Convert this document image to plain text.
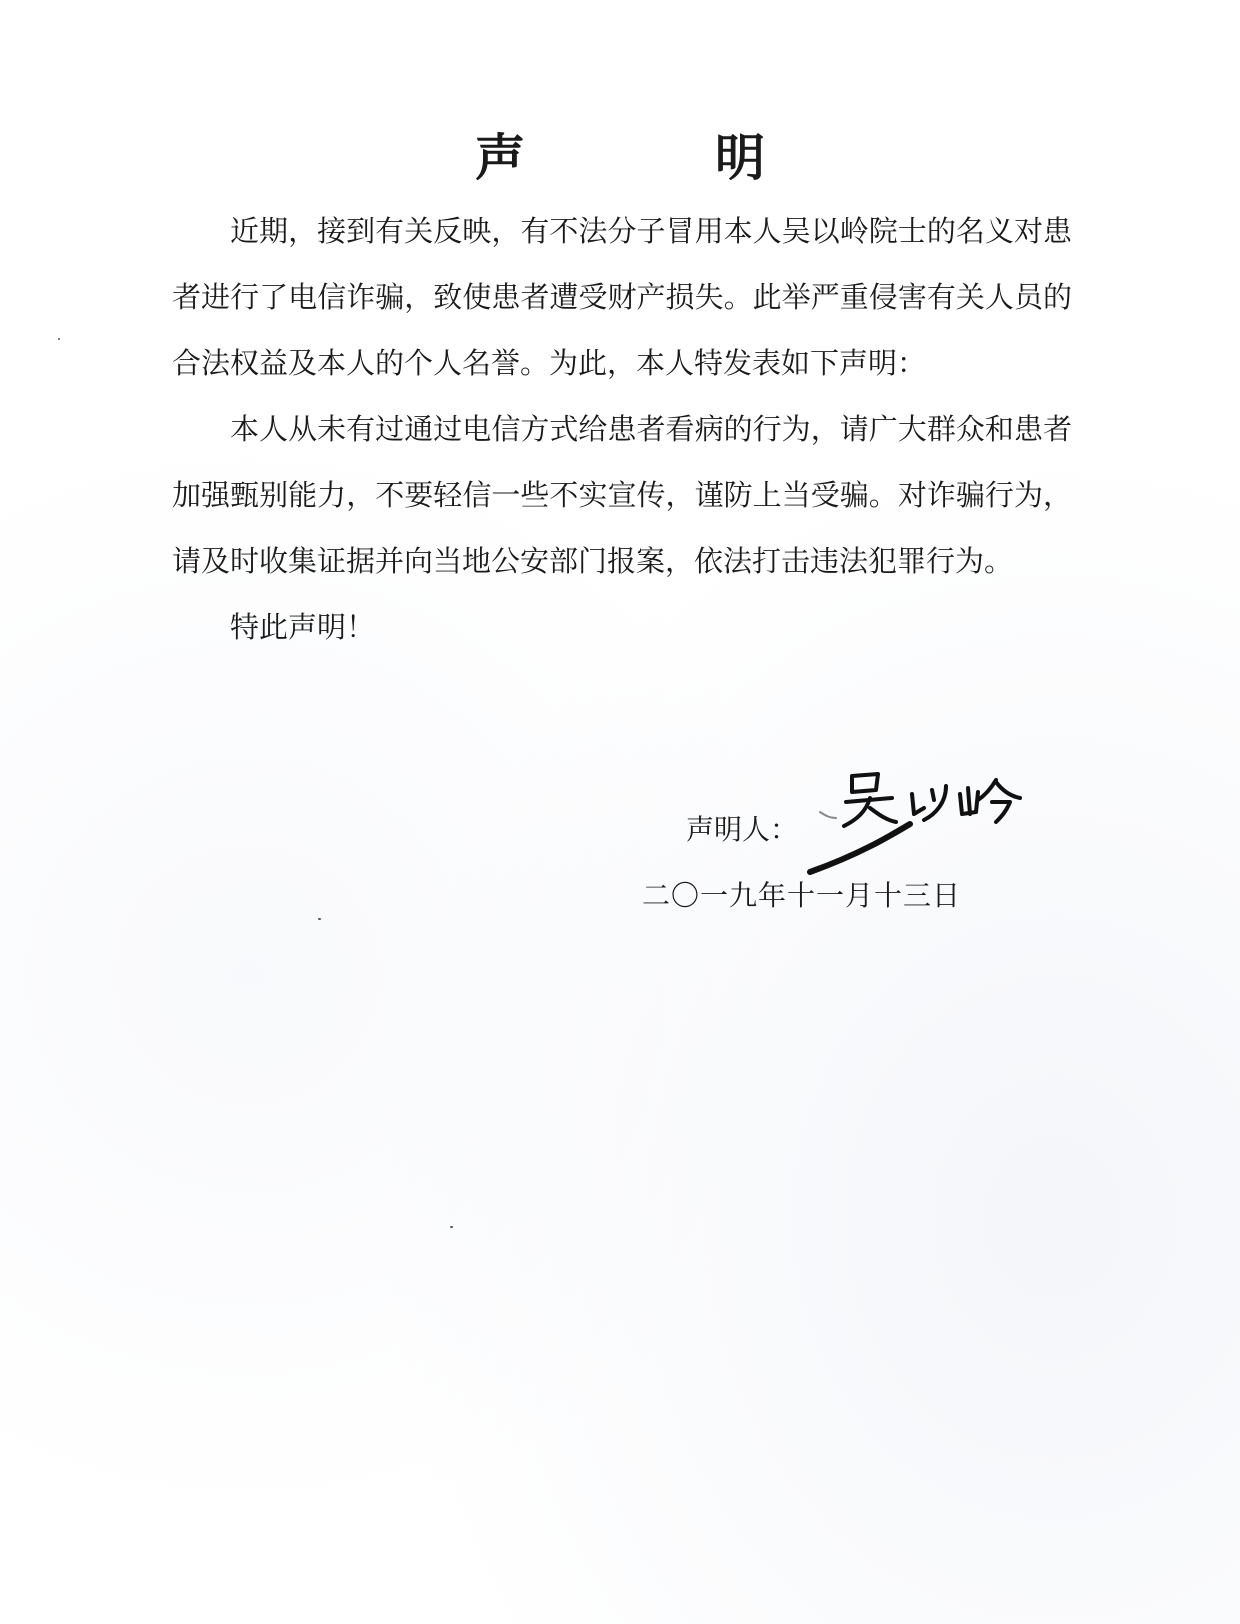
声　明

近期，接到有关反映，有不法分子冒用本人吴以岭院士的名义对患者进行了电信诈骗，致使患者遭受财产损失。此举严重侵害有关人员的合法权益及本人的个人名誉。为此，本人特发表如下声明：

本人从未有过通过电信方式给患者看病的行为，请广大群众和患者加强甄别能力，不要轻信一些不实宣传，谨防上当受骗。对诈骗行为，请及时收集证据并向当地公安部门报案，依法打击违法犯罪行为。

特此声明！

声明人：
二〇一九年十一月十三日
